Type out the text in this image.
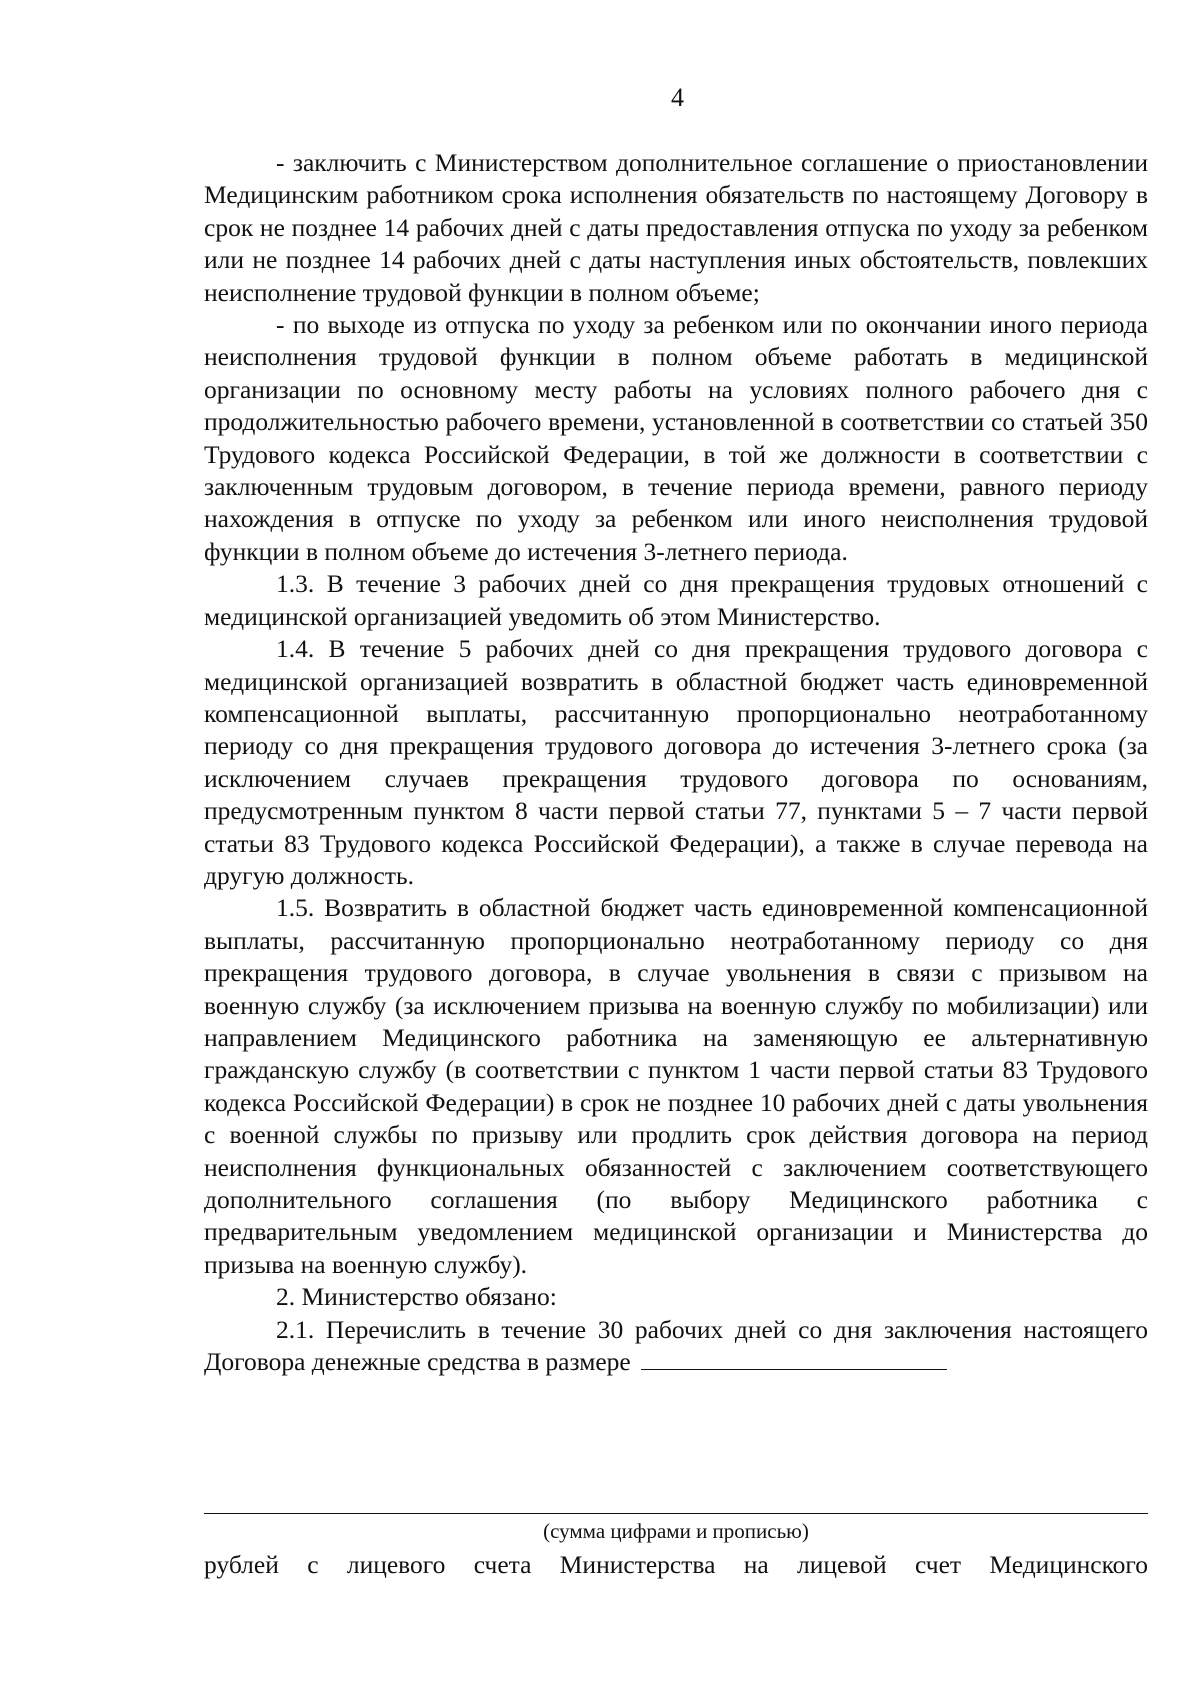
4

- заключить с Министерством дополнительное соглашение о приостановлении Медицинским работником срока исполнения обязательств по настоящему Договору в срок не позднее 14 рабочих дней с даты предоставления отпуска по уходу за ребенком или не позднее 14 рабочих дней с даты наступления иных обстоятельств, повлекших неисполнение трудовой функции в полном объеме;

- по выходе из отпуска по уходу за ребенком или по окончании иного периода неисполнения трудовой функции в полном объеме работать в медицинской организации по основному месту работы на условиях полного рабочего дня с продолжительностью рабочего времени, установленной в соответствии со статьей 350 Трудового кодекса Российской Федерации, в той же должности в соответствии с заключенным трудовым договором, в течение периода времени, равного периоду нахождения в отпуске по уходу за ребенком или иного неисполнения трудовой функции в полном объеме до истечения 3-летнего периода.

1.3. В течение 3 рабочих дней со дня прекращения трудовых отношений с медицинской организацией уведомить об этом Министерство.

1.4. В течение 5 рабочих дней со дня прекращения трудового договора с медицинской организацией возвратить в областной бюджет часть единовременной компенсационной выплаты, рассчитанную пропорционально неотработанному периоду со дня прекращения трудового договора до истечения 3-летнего срока (за исключением случаев прекращения трудового договора по основаниям, предусмотренным пунктом 8 части первой статьи 77, пунктами 5 – 7 части первой статьи 83 Трудового кодекса Российской Федерации), а также в случае перевода на другую должность.

1.5. Возвратить в областной бюджет часть единовременной компенсационной выплаты, рассчитанную пропорционально неотработанному периоду со дня прекращения трудового договора, в случае увольнения в связи с призывом на военную службу (за исключением призыва на военную службу по мобилизации) или направлением Медицинского работника на заменяющую ее альтернативную гражданскую службу (в соответствии с пунктом 1 части первой статьи 83 Трудового кодекса Российской Федерации) в срок не позднее 10 рабочих дней с даты увольнения с военной службы по призыву или продлить срок действия договора на период неисполнения функциональных обязанностей с заключением соответствующего дополнительного соглашения (по выбору Медицинского работника с предварительным уведомлением медицинской организации и Министерства до призыва на военную службу).

2. Министерство обязано:

2.1. Перечислить в течение 30 рабочих дней со дня заключения настоящего Договора денежные средства в размере

(сумма цифрами и прописью)

рублей с лицевого счета Министерства на лицевой счет Медицинского
